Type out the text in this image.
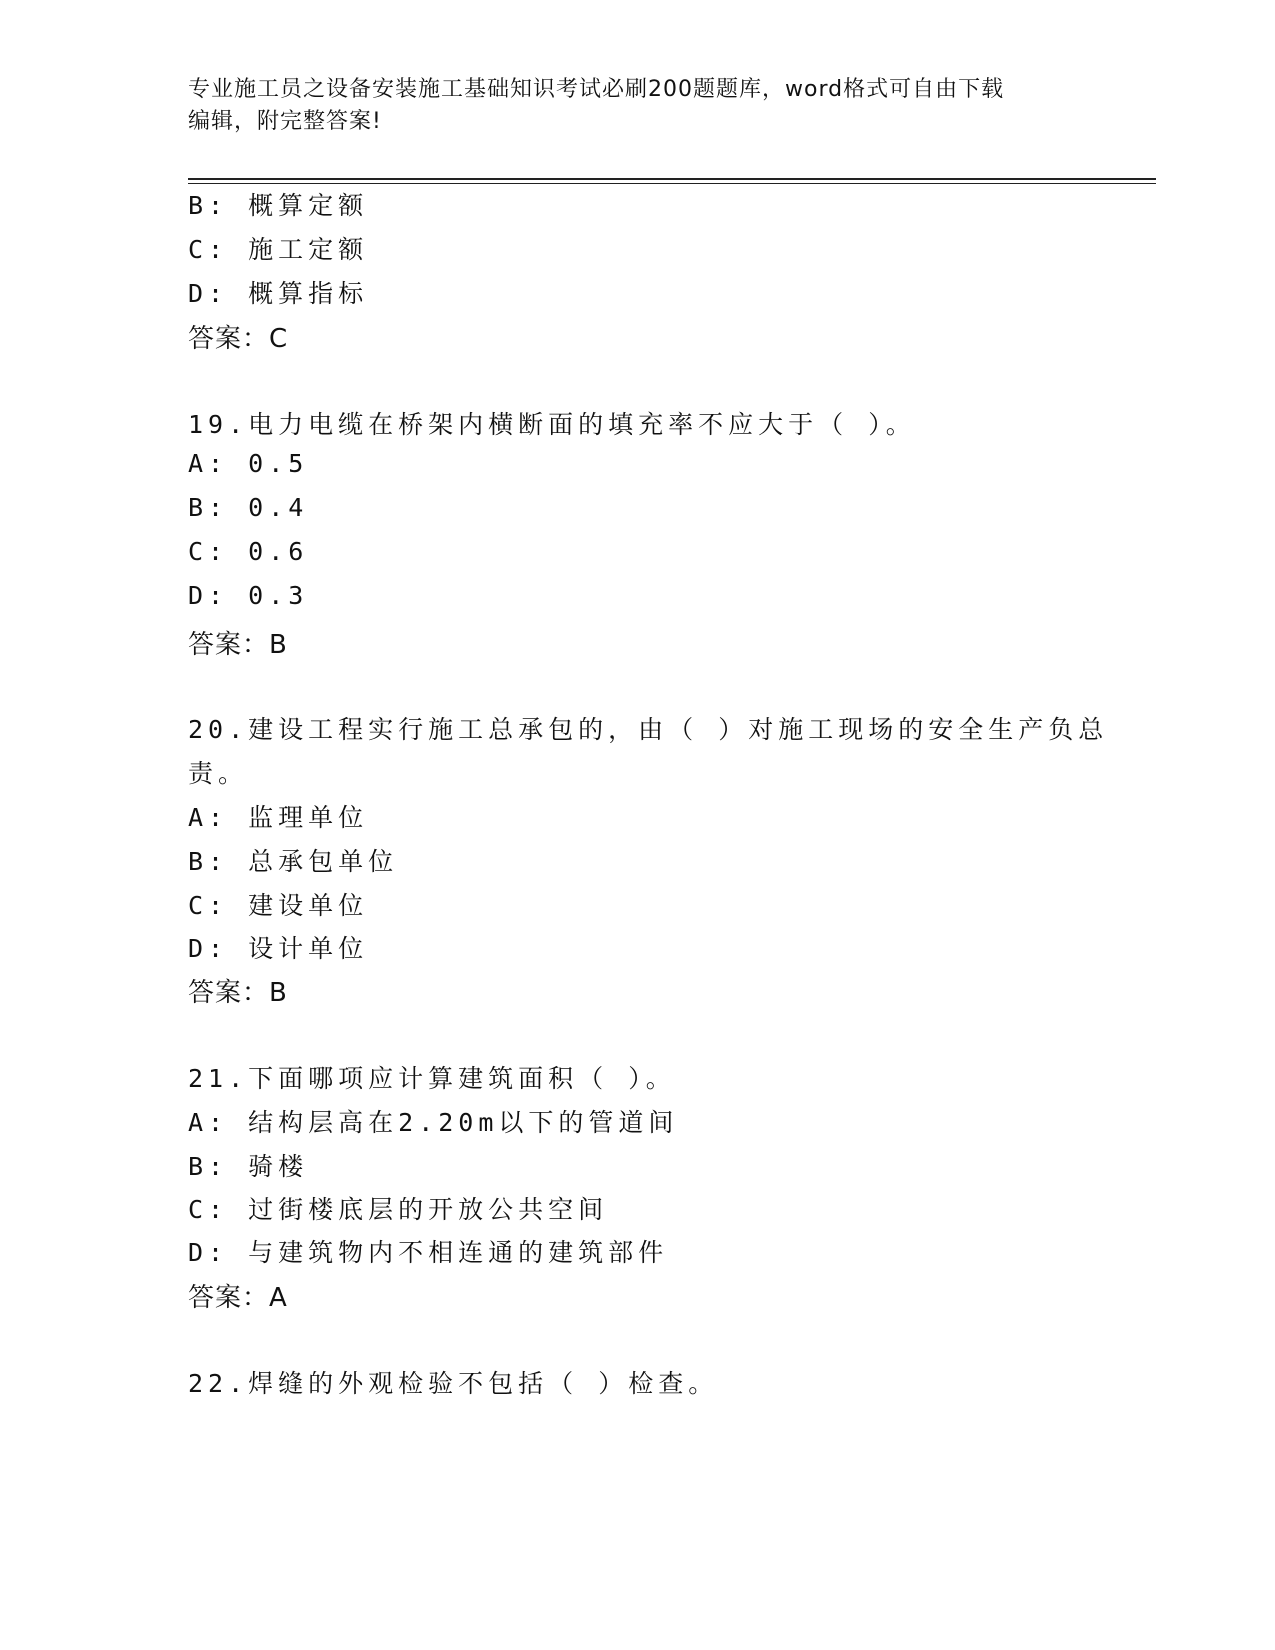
专业施工员之设备安装施工基础知识考试必刷200题题库，word格式可自由下载
编辑，附完整答案!
B: 概算定额
C: 施工定额
D: 概算指标
答案：C
19.电力电缆在桥架内横断面的填充率不应大于（ ）。
A: 0.5
B: 0.4
C: 0.6
D: 0.3
答案：B
20.建设工程实行施工总承包的，由（ ）对施工现场的安全生产负总
责。
A: 监理单位
B: 总承包单位
C: 建设单位
D: 设计单位
答案：B
21.下面哪项应计算建筑面积（ ）。
A: 结构层高在2.20m以下的管道间
B: 骑楼
C: 过街楼底层的开放公共空间
D: 与建筑物内不相连通的建筑部件
答案：A
22.焊缝的外观检验不包括（ ）检查。
